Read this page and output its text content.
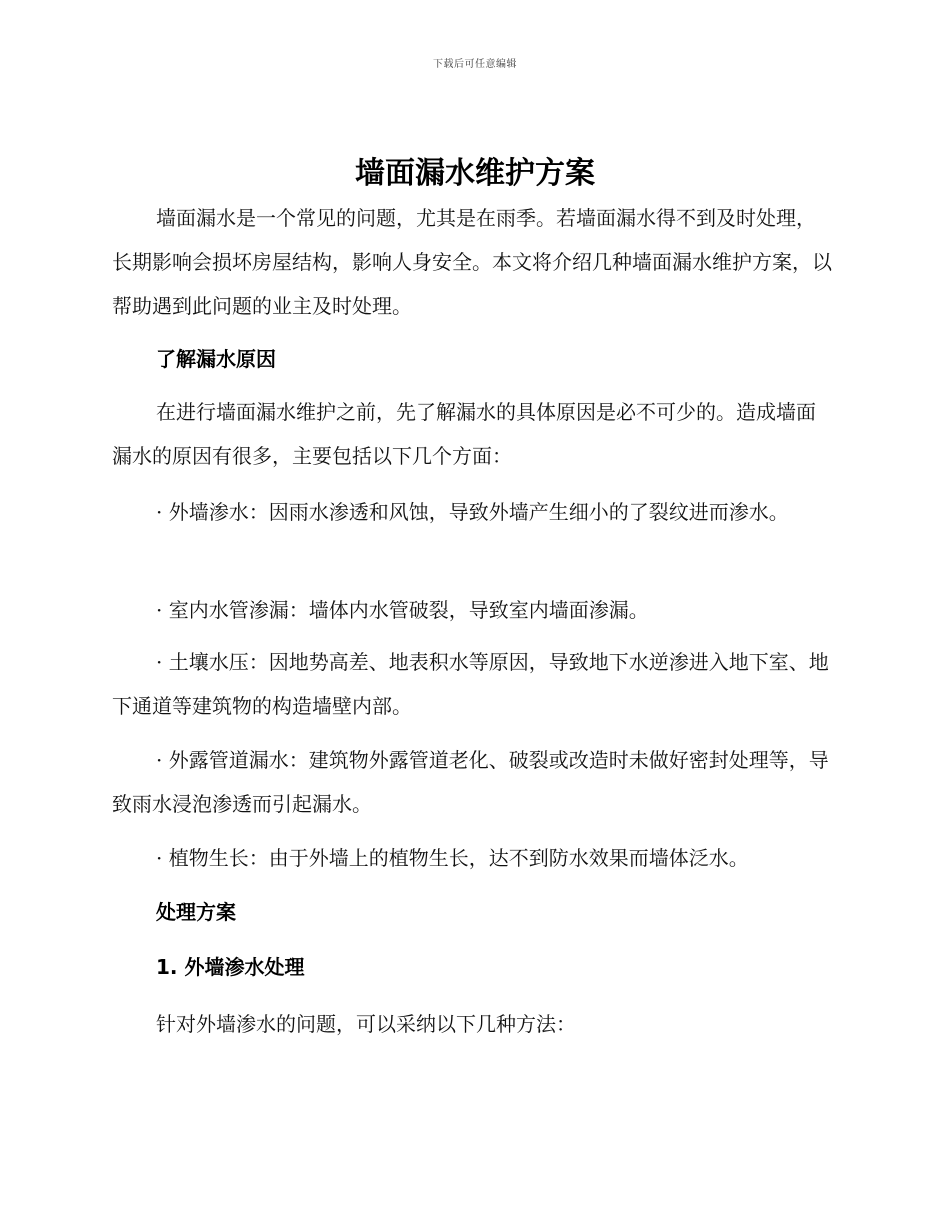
下载后可任意编辑
墙面漏水维护方案
墙面漏水是一个常见的问题，尤其是在雨季。若墙面漏水得不到及时处理，长期影响会损坏房屋结构，影响人身安全。本文将介绍几种墙面漏水维护方案，以帮助遇到此问题的业主及时处理。
了解漏水原因
在进行墙面漏水维护之前，先了解漏水的具体原因是必不可少的。造成墙面漏水的原因有很多，主要包括以下几个方面：
· 外墙渗水：因雨水渗透和风蚀，导致外墙产生细小的了裂纹进而渗水。
· 室内水管渗漏：墙体内水管破裂，导致室内墙面渗漏。
· 土壤水压：因地势高差、地表积水等原因，导致地下水逆渗进入地下室、地下通道等建筑物的构造墙壁内部。
· 外露管道漏水：建筑物外露管道老化、破裂或改造时未做好密封处理等，导致雨水浸泡渗透而引起漏水。
· 植物生长：由于外墙上的植物生长，达不到防水效果而墙体泛水。
处理方案
1. 外墙渗水处理
针对外墙渗水的问题，可以采纳以下几种方法：
